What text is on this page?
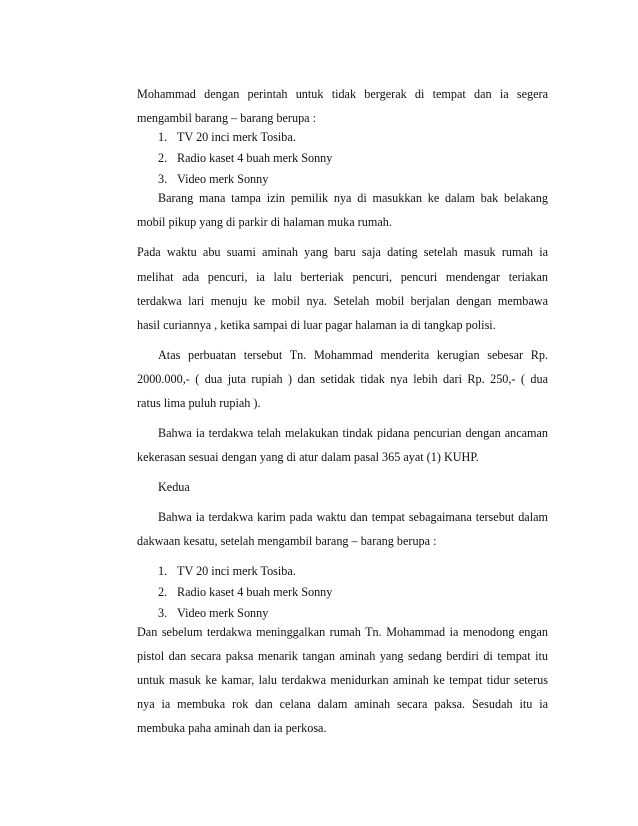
Mohammad dengan perintah untuk tidak bergerak di tempat dan ia segera
mengambil barang – barang berupa :
1. TV 20 inci merk Tosiba.
2. Radio kaset 4 buah merk Sonny
3. Video merk Sonny
Barang mana tampa izin pemilik nya di masukkan ke dalam bak belakang
mobil pikup yang di parkir di halaman muka rumah.
Pada waktu abu suami aminah yang baru saja dating setelah masuk rumah ia
melihat ada pencuri, ia lalu berteriak pencuri, pencuri mendengar teriakan
terdakwa lari menuju ke mobil nya. Setelah mobil berjalan dengan membawa
hasil curiannya , ketika sampai di luar pagar halaman ia di tangkap polisi.
Atas perbuatan tersebut Tn. Mohammad menderita kerugian sebesar Rp.
2000.000,- ( dua juta rupiah ) dan setidak tidak nya lebih dari Rp. 250,- ( dua
ratus lima puluh rupiah ).
Bahwa ia terdakwa telah melakukan tindak pidana pencurian dengan ancaman
kekerasan sesuai dengan yang di atur dalam pasal 365 ayat (1) KUHP.
Kedua
Bahwa ia terdakwa karim pada waktu dan tempat sebagaimana tersebut dalam
dakwaan kesatu, setelah mengambil barang – barang berupa :
1. TV 20 inci merk Tosiba.
2. Radio kaset 4 buah merk Sonny
3. Video merk Sonny
Dan sebelum terdakwa meninggalkan rumah Tn. Mohammad ia menodong engan
pistol dan secara paksa menarik tangan aminah yang sedang berdiri di tempat itu
untuk masuk ke kamar, lalu terdakwa menidurkan aminah ke tempat tidur seterus
nya ia membuka rok dan celana dalam aminah secara paksa. Sesudah itu ia
membuka paha aminah dan ia perkosa.
